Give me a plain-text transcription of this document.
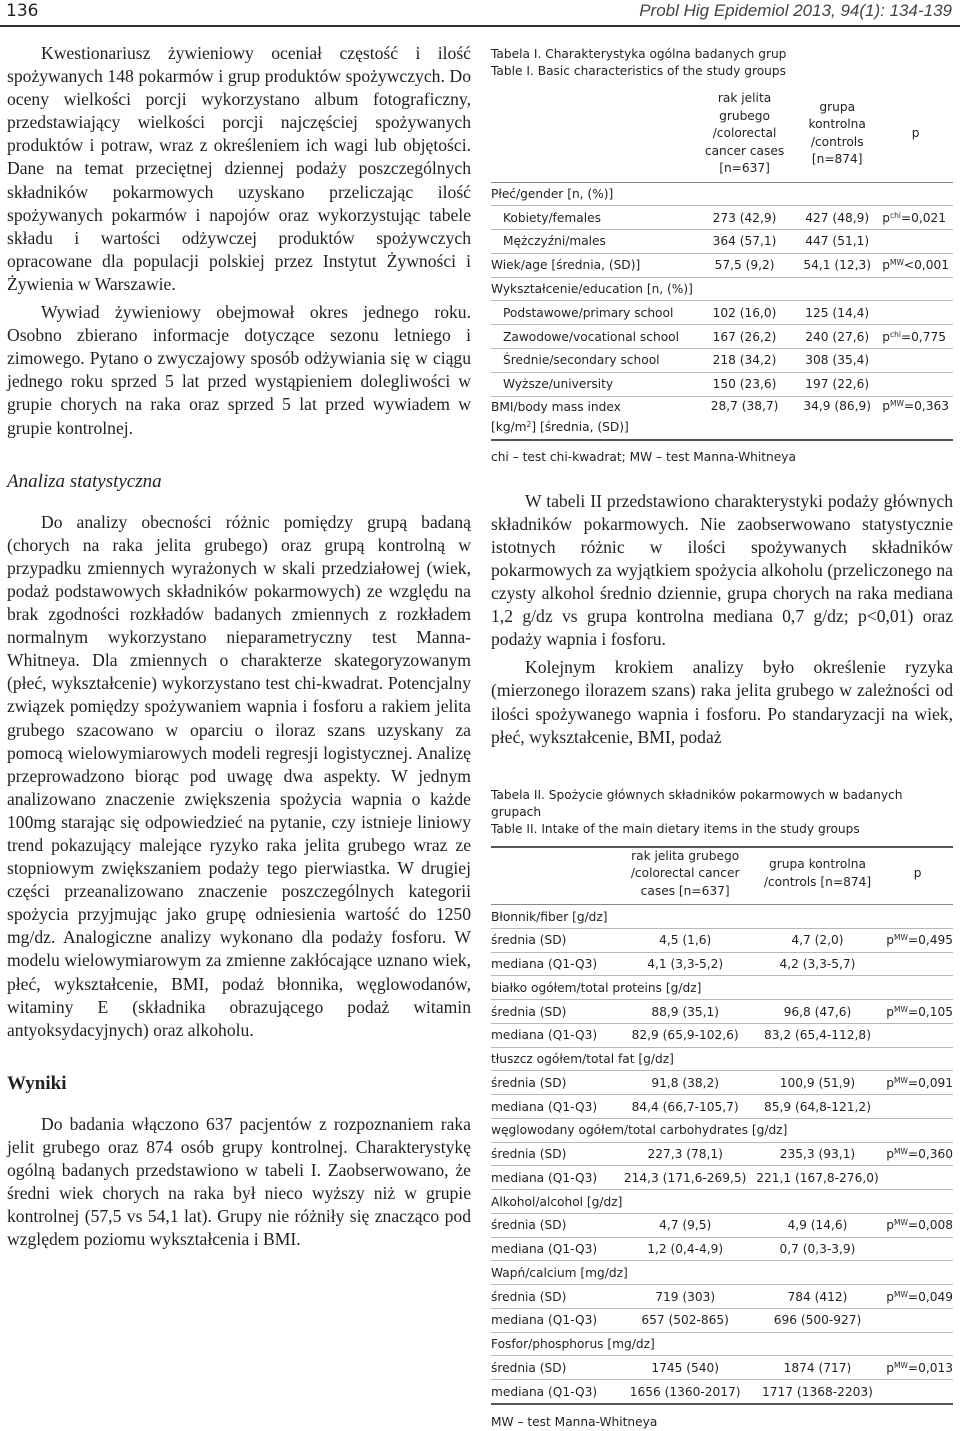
136	Probl Hig Epidemiol 2013, 94(1): 134-139

Kwestionariusz żywieniowy oceniał częstość i ilość spożywanych 148 pokarmów i grup produktów spożywczych. Do oceny wielkości porcji wykorzystano album fotograficzny, przedstawiający wielkości porcji najczęściej spożywanych produktów i potraw, wraz z określeniem ich wagi lub objętości. Dane na temat przeciętnej dziennej podaży poszczególnych składników pokarmowych uzyskano przeliczając ilość spożywanych pokarmów i napojów oraz wykorzystując tabele składu i wartości odżywczej produktów spożywczych opracowane dla populacji polskiej przez Instytut Żywności i Żywienia w Warszawie.

Wywiad żywieniowy obejmował okres jednego roku. Osobno zbierano informacje dotyczące sezonu letniego i zimowego. Pytano o zwyczajowy sposób odżywiania się w ciągu jednego roku sprzed 5 lat przed wystąpieniem dolegliwości w grupie chorych na raka oraz sprzed 5 lat przed wywiadem w grupie kontrolnej.

Analiza statystyczna

Do analizy obecności różnic pomiędzy grupą badaną (chorych na raka jelita grubego) oraz grupą kontrolną w przypadku zmiennych wyrażonych w skali przedziałowej (wiek, podaż podstawowych składników pokarmowych) ze względu na brak zgodności rozkładów badanych zmiennych z rozkładem normalnym wykorzystano nieparametryczny test Manna-Whitneya. Dla zmiennych o charakterze skategoryzowanym (płeć, wykształcenie) wykorzystano test chi-kwadrat. Potencjalny związek pomiędzy spożywaniem wapnia i fosforu a rakiem jelita grubego szacowano w oparciu o iloraz szans uzyskany za pomocą wielowymiarowych modeli regresji logistycznej. Analizę przeprowadzono biorąc pod uwagę dwa aspekty. W jednym analizowano znaczenie zwiększenia spożycia wapnia o każde 100mg starając się odpowiedzieć na pytanie, czy istnieje liniowy trend pokazujący malejące ryzyko raka jelita grubego wraz ze stopniowym zwiększaniem podaży tego pierwiastka. W drugiej części przeanalizowano znaczenie poszczególnych kategorii spożycia przyjmując jako grupę odniesienia wartość do 1250 mg/dz. Analogiczne analizy wykonano dla podaży fosforu. W modelu wielowymiarowym za zmienne zakłócające uznano wiek, płeć, wykształcenie, BMI, podaż błonnika, węglowodanów, witaminy E (składnika obrazującego podaż witamin antyoksydacyjnych) oraz alkoholu.

Wyniki

Do badania włączono 637 pacjentów z rozpoznaniem raka jelit grubego oraz 874 osób grupy kontrolnej. Charakterystykę ogólną badanych przedstawiono w tabeli I. Zaobserwowano, że średni wiek chorych na raka był nieco wyższy niż w grupie kontrolnej (57,5 vs 54,1 lat). Grupy nie różniły się znacząco pod względem poziomu wykształcenia i BMI.

Tabela I. Charakterystyka ogólna badanych grup
Table I. Basic characteristics of the study groups
	rak jelita grubego
/colorectal
cancer cases
[n=637]	grupa
kontrolna
/controls
[n=874]	p
Płeć/gender [n, (%)]			
Kobiety/females	273 (42,9)	427 (48,9)	$p^{chi}=0,021$
Mężczyźni/males	364 (57,1)	447 (51,1)	
Wiek/age [średnia, (SD)]	57,5 (9,2)	54,1 (12,3)	$p^{MW}<0,001$
Wykształcenie/education [n, (%)]			
Podstawowe/primary school	102 (16,0)	125 (14,4)	
Zawodowe/vocational school	167 (26,2)	240 (27,6)	$p^{chi}=0,775$
Średnie/secondary school	218 (34,2)	308 (35,4)	
Wyższe/university	150 (23,6)	197 (22,6)	
BMI/body mass index
$[kg/m^2]$ [średnia, (SD)]	28,7 (38,7)	34,9 (86,9)	$p^{MW}=0,363$
chi – test chi-kwadrat; MW – test Manna-Whitneya

W tabeli II przedstawiono charakterystyki podaży głównych składników pokarmowych. Nie zaobserwowano statystycznie istotnych różnic w ilości spożywanych składników pokarmowych za wyjątkiem spożycia alkoholu (przeliczonego na czysty alkohol średnio dziennie, grupa chorych na raka mediana 1,2 g/dz vs grupa kontrolna mediana 0,7 g/dz; p<0,01) oraz podaży wapnia i fosforu.

Kolejnym krokiem analizy było określenie ryzyka (mierzonego ilorazem szans) raka jelita grubego w zależności od ilości spożywanego wapnia i fosforu. Po standaryzacji na wiek, płeć, wykształcenie, BMI, podaż

Tabela II. Spożycie głównych składników pokarmowych w badanych grupach
Table II. Intake of the main dietary items in the study groups
	rak jelita grubego
/colorectal cancer
cases [n=637]	grupa kontrolna
/controls [n=874]	p
Błonnik/fiber [g/dz]			
średnia (SD)	4,5 (1,6)	4,7 (2,0)	$p^{MW}=0,495$
mediana (Q1-Q3)	4,1 (3,3-5,2)	4,2 (3,3-5,7)	
białko ogółem/total proteins [g/dz]			
średnia (SD)	88,9 (35,1)	96,8 (47,6)	$p^{MW}=0,105$
mediana (Q1-Q3)	82,9 (65,9-102,6)	83,2 (65,4-112,8)	
tłuszcz ogółem/total fat [g/dz]			
średnia (SD)	91,8 (38,2)	100,9 (51,9)	$p^{MW}=0,091$
mediana (Q1-Q3)	84,4 (66,7-105,7)	85,9 (64,8-121,2)	
węglowodany ogółem/total carbohydrates [g/dz]			
średnia (SD)	227,3 (78,1)	235,3 (93,1)	$p^{MW}=0,360$
mediana (Q1-Q3)	214,3 (171,6-269,5)	221,1 (167,8-276,0)	
Alkohol/alcohol [g/dz]			
średnia (SD)	4,7 (9,5)	4,9 (14,6)	$p^{MW}=0,008$
mediana (Q1-Q3)	1,2 (0,4-4,9)	0,7 (0,3-3,9)	
Wapń/calcium [mg/dz]			
średnia (SD)	719 (303)	784 (412)	$p^{MW}=0,049$
mediana (Q1-Q3)	657 (502-865)	696 (500-927)	
Fosfor/phosphorus [mg/dz]			
średnia (SD)	1745 (540)	1874 (717)	$p^{MW}=0,013$
mediana (Q1-Q3)	1656 (1360-2017)	1717 (1368-2203)	
MW – test Manna-Whitneya
